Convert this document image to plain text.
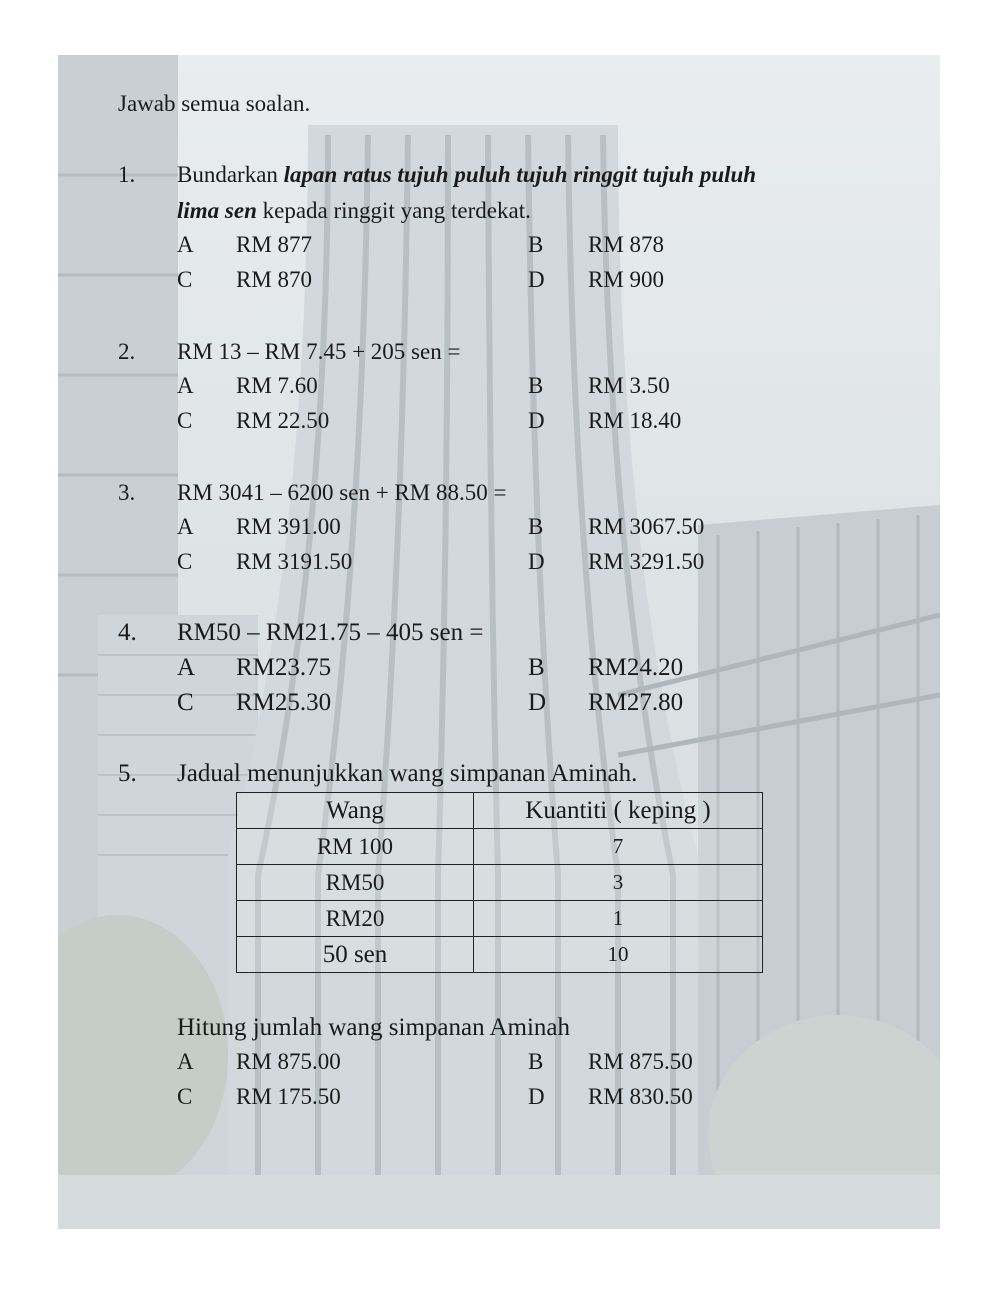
Jawab semua soalan.
1. Bundarkan lapan ratus tujuh puluh tujuh ringgit tujuh puluh
lima sen kepada ringgit yang terdekat.
A RM 877	B RM 878
C RM 870	D RM 900
2. RM 13 – RM 7.45 + 205 sen =
A RM 7.60	B RM 3.50
C RM 22.50	D RM 18.40
3. RM 3041 – 6200 sen + RM 88.50 =
A RM 391.00	B RM 3067.50
C RM 3191.50	D RM 3291.50
4. RM50 – RM21.75 – 405 sen =
A RM23.75	B RM24.20
C RM25.30	D RM27.80
5. Jadual menunjukkan wang simpanan Aminah.
Wang	Kuantiti ( keping )
RM 100	7
RM50	3
RM20	1
50 sen	10
Hitung jumlah wang simpanan Aminah
A RM 875.00	B RM 875.50
C RM 175.50	D RM 830.50
